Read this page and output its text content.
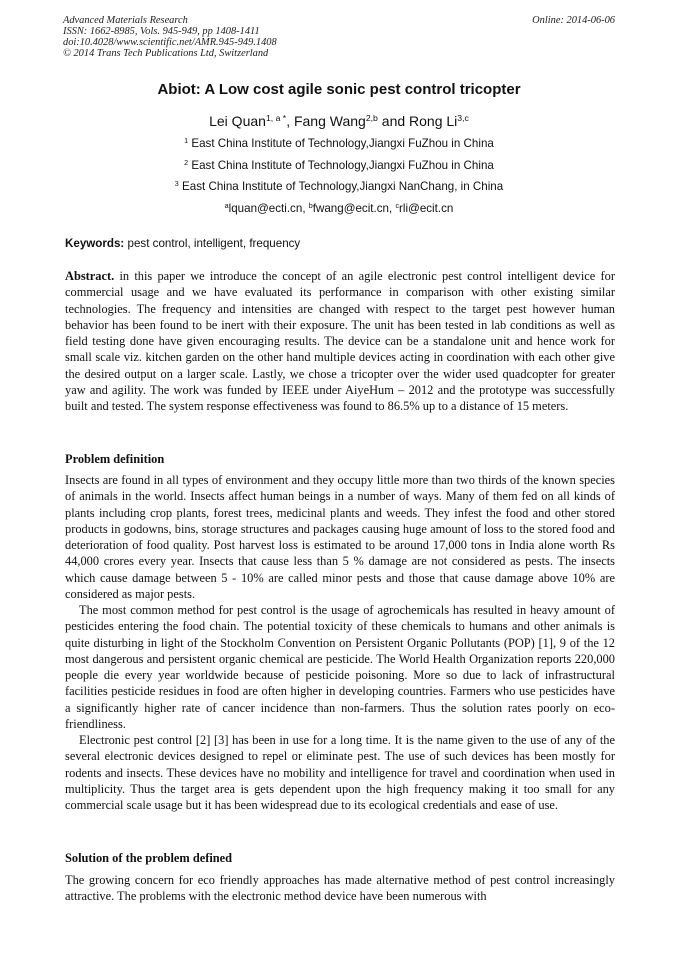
Advanced Materials Research
ISSN: 1662-8985, Vols. 945-949, pp 1408-1411
doi:10.4028/www.scientific.net/AMR.945-949.1408
© 2014 Trans Tech Publications Ltd, Switzerland
Online: 2014-06-06
Abiot: A Low cost agile sonic pest control tricopter
Lei Quan$^{1, a *}$, Fang Wang$^{2,b}$ and Rong Li$^{3,c}$
$^1$ East China Institute of Technology,Jiangxi FuZhou in China
$^2$ East China Institute of Technology,Jiangxi FuZhou in China
$^3$ East China Institute of Technology,Jiangxi NanChang, in China
$^a$lquan@ecti.cn, $^b$fwang@ecit.cn, $^c$rli@ecit.cn
Keywords: pest control, intelligent, frequency

Abstract. in this paper we introduce the concept of an agile electronic pest control intelligent device for commercial usage and we have evaluated its performance in comparison with other existing similar technologies. The frequency and intensities are changed with respect to the target pest however human behavior has been found to be inert with their exposure. The unit has been tested in lab conditions as well as field testing done have given encouraging results. The device can be a standalone unit and hence work for small scale viz. kitchen garden on the other hand multiple devices acting in coordination with each other give the desired output on a larger scale. Lastly, we chose a tricopter over the wider used quadcopter for greater yaw and agility. The work was funded by IEEE under AiyeHum – 2012 and the prototype was successfully built and tested. The system response effectiveness was found to 86.5% up to a distance of 15 meters.

Problem definition

Insects are found in all types of environment and they occupy little more than two thirds of the known species of animals in the world. Insects affect human beings in a number of ways. Many of them fed on all kinds of plants including crop plants, forest trees, medicinal plants and weeds. They infest the food and other stored products in godowns, bins, storage structures and packages causing huge amount of loss to the stored food and deterioration of food quality. Post harvest loss is estimated to be around 17,000 tons in India alone worth Rs 44,000 crores every year. Insects that cause less than 5 % damage are not considered as pests. The insects which cause damage between 5 - 10% are called minor pests and those that cause damage above 10% are considered as major pests.

The most common method for pest control is the usage of agrochemicals has resulted in heavy amount of pesticides entering the food chain. The potential toxicity of these chemicals to humans and other animals is quite disturbing in light of the Stockholm Convention on Persistent Organic Pollutants (POP) [1], 9 of the 12 most dangerous and persistent organic chemical are pesticide. The World Health Organization reports 220,000 people die every year worldwide because of pesticide poisoning. More so due to lack of infrastructural facilities pesticide residues in food are often higher in developing countries. Farmers who use pesticides have a significantly higher rate of cancer incidence than non-farmers. Thus the solution rates poorly on eco-friendliness.

Electronic pest control [2] [3] has been in use for a long time. It is the name given to the use of any of the several electronic devices designed to repel or eliminate pest. The use of such devices has been mostly for rodents and insects. These devices have no mobility and intelligence for travel and coordination when used in multiplicity. Thus the target area is gets dependent upon the high frequency making it too small for any commercial scale usage but it has been widespread due to its ecological credentials and ease of use.

Solution of the problem defined

The growing concern for eco friendly approaches has made alternative method of pest control increasingly attractive. The problems with the electronic method device have been numerous with
